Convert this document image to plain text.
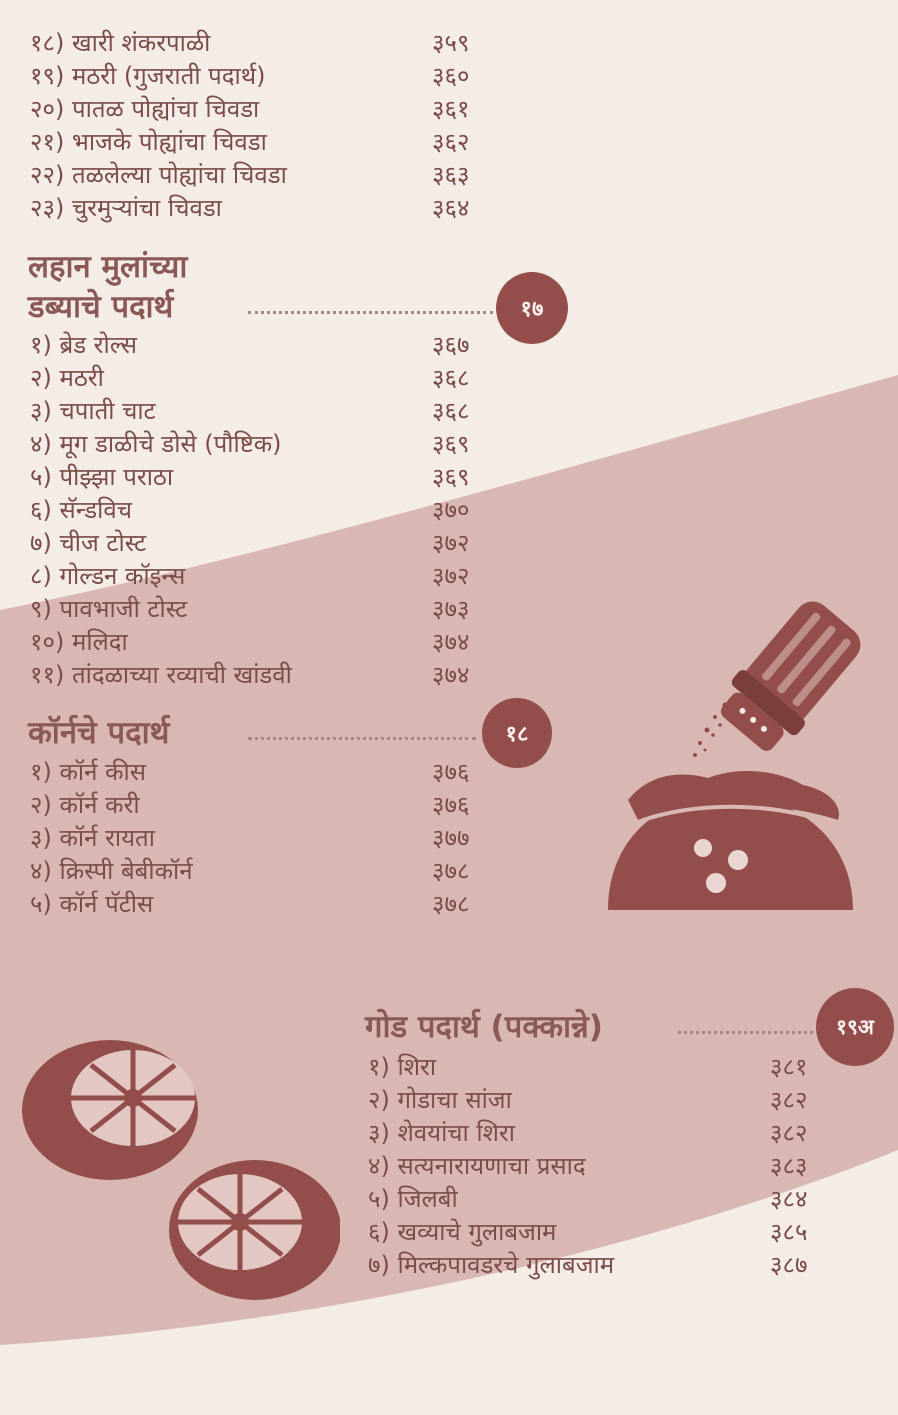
१८) खारी शंकरपाळी	३५९
१९) मठरी (गुजराती पदार्थ)	३६०
२०) पातळ पोह्यांचा चिवडा	३६१
२१) भाजके पोह्यांचा चिवडा	३६२
२२) तळलेल्या पोह्यांचा चिवडा	३६३
२३) चुरमुऱ्यांचा चिवडा	३६४
लहान मुलांच्या
डब्याचे पदार्थ	१७
१) ब्रेड रोल्स	३६७
२) मठरी	३६८
३) चपाती चाट	३६८
४) मूग डाळीचे डोसे (पौष्टिक)	३६९
५) पीझ्झा पराठा	३६९
६) सॅन्डविच	३७०
७) चीज टोस्ट	३७२
८) गोल्डन कॉइन्स	३७२
९) पावभाजी टोस्ट	३७३
१०) मलिदा	३७४
११) तांदळाच्या रव्याची खांडवी	३७४
कॉर्नचे पदार्थ	१८
१) कॉर्न कीस	३७६
२) कॉर्न करी	३७६
३) कॉर्न रायता	३७७
४) क्रिस्पी बेबीकॉर्न	३७८
५) कॉर्न पॅटीस	३७८
गोड पदार्थ (पक्कान्ने)	१९अ
१) शिरा	३८१
२) गोडाचा सांजा	३८२
३) शेवयांचा शिरा	३८२
४) सत्यनारायणाचा प्रसाद	३८३
५) जिलबी	३८४
६) खव्याचे गुलाबजाम	३८५
७) मिल्कपावडरचे गुलाबजाम	३८७
